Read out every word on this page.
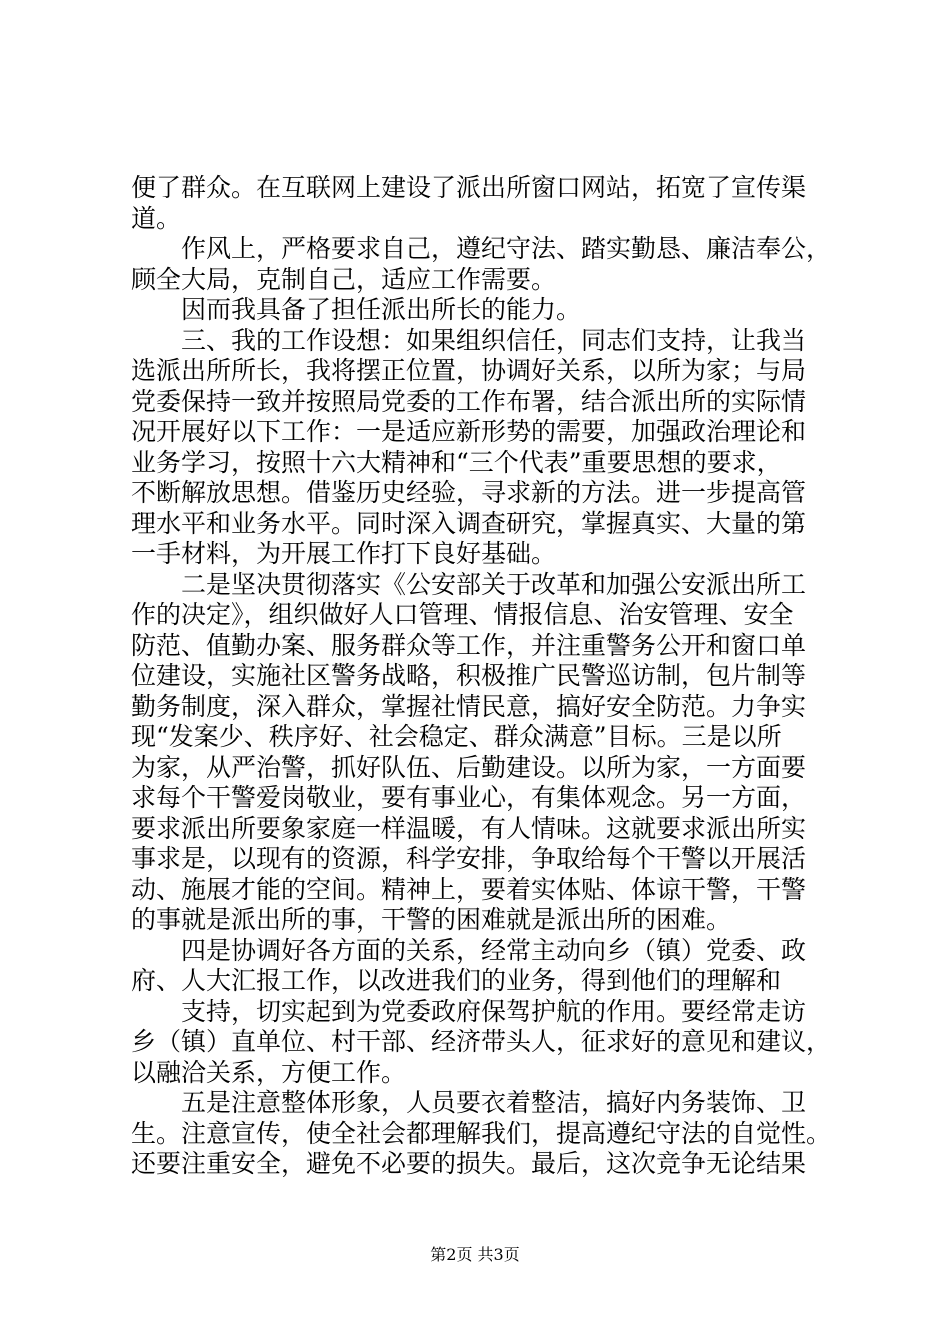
便了群众。在互联网上建设了派出所窗口网站，拓宽了宣传渠
道。
作风上，严格要求自己，遵纪守法、踏实勤恳、廉洁奉公，
顾全大局，克制自己，适应工作需要。
因而我具备了担任派出所长的能力。
三、我的工作设想：如果组织信任，同志们支持，让我当
选派出所所长，我将摆正位置，协调好关系，以所为家；与局
党委保持一致并按照局党委的工作布署，结合派出所的实际情
况开展好以下工作：一是适应新形势的需要，加强政治理论和
业务学习，按照十六大精神和“三个代表”重要思想的要求，
不断解放思想。借鉴历史经验，寻求新的方法。进一步提高管
理水平和业务水平。同时深入调查研究，掌握真实、大量的第
一手材料，为开展工作打下良好基础。
二是坚决贯彻落实《公安部关于改革和加强公安派出所工
作的决定》，组织做好人口管理、情报信息、治安管理、安全
防范、值勤办案、服务群众等工作，并注重警务公开和窗口单
位建设，实施社区警务战略，积极推广民警巡访制，包片制等
勤务制度，深入群众，掌握社情民意，搞好安全防范。力争实
现“发案少、秩序好、社会稳定、群众满意”目标。三是以所
为家，从严治警，抓好队伍、后勤建设。以所为家，一方面要
求每个干警爱岗敬业，要有事业心，有集体观念。另一方面，
要求派出所要象家庭一样温暖，有人情味。这就要求派出所实
事求是，以现有的资源，科学安排，争取给每个干警以开展活
动、施展才能的空间。精神上，要着实体贴、体谅干警，干警
的事就是派出所的事，干警的困难就是派出所的困难。
四是协调好各方面的关系，经常主动向乡（镇）党委、政
府、人大汇报工作，以改进我们的业务，得到他们的理解和
支持，切实起到为党委政府保驾护航的作用。要经常走访
乡（镇）直单位、村干部、经济带头人，征求好的意见和建议，
以融洽关系，方便工作。
五是注意整体形象，人员要衣着整洁，搞好内务装饰、卫
生。注意宣传，使全社会都理解我们，提高遵纪守法的自觉性。
还要注重安全，避免不必要的损失。最后，这次竞争无论结果
第2页 共3页
